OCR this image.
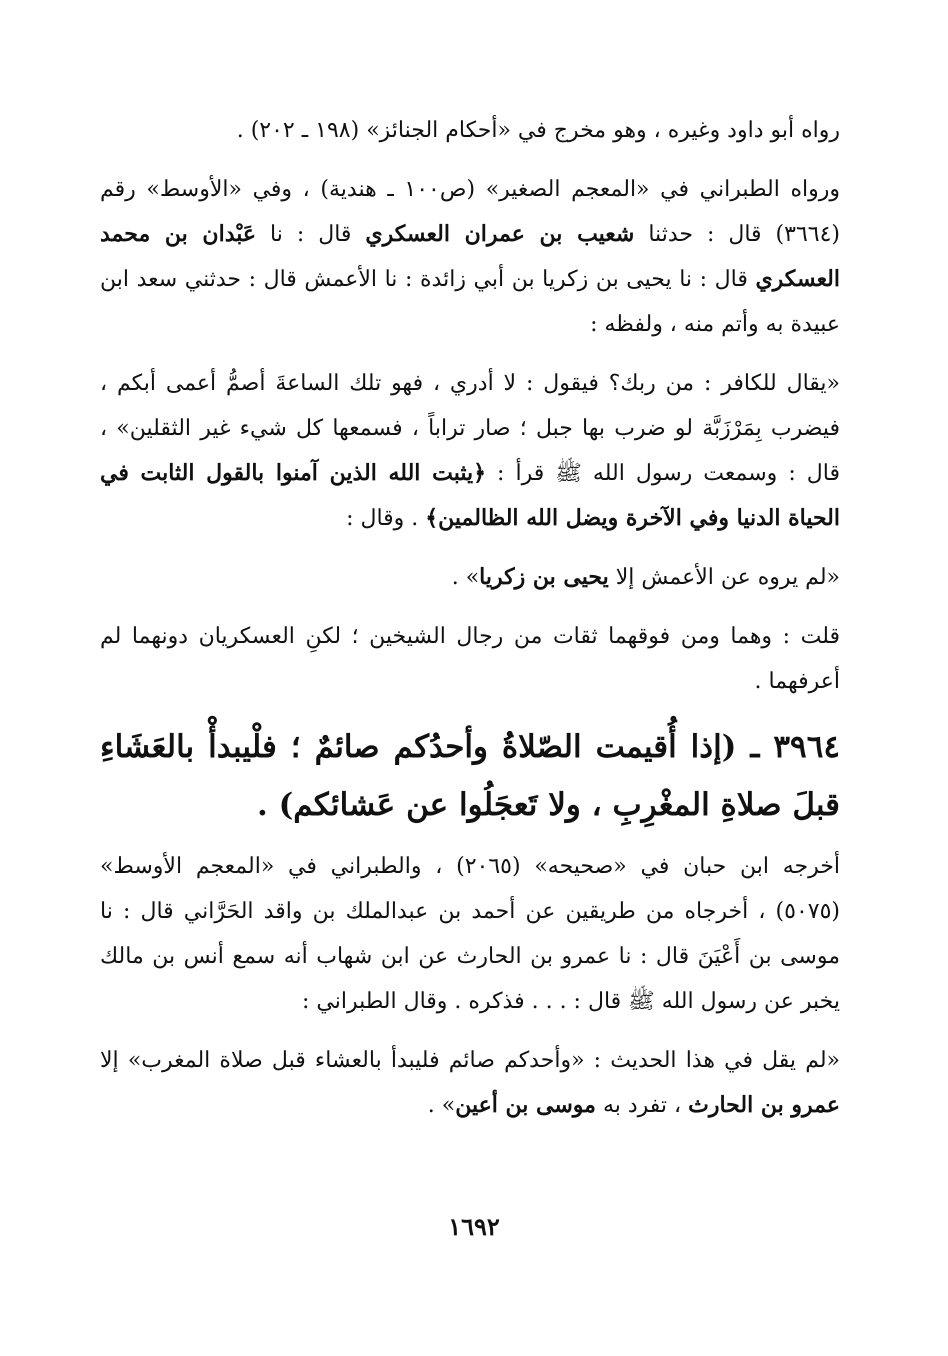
رواه أبو داود وغيره ، وهو مخرج في «أحكام الجنائز» (١٩٨ ـ ٢٠٢) .

ورواه الطبراني في «المعجم الصغير» (ص١٠٠ ـ هندية) ، وفي «الأوسط» رقم (٣٦٦٤) قال : حدثنا شعيب بن عمران العسكري قال : نا عَبْدان بن محمد العسكري قال : نا يحيى بن زكريا بن أبي زائدة : نا الأعمش قال : حدثني سعد ابن عبيدة به وأتم منه ، ولفظه :

«يقال للكافر : من ربك؟ فيقول : لا أدري ، فهو تلك الساعةَ أصمُّ أعمى أبكم ، فيضرب بِمَرْزَبَّة لو ضرب بها جبل ؛ صار تراباً ، فسمعها كل شيء غير الثقلين» ، قال : وسمعت رسول الله ﷺ قرأ : ﴿يثبت الله الذين آمنوا بالقول الثابت في الحياة الدنيا وفي الآخرة ويضل الله الظالمين﴾ . وقال :

«لم يروه عن الأعمش إلا يحيى بن زكريا» .

قلت : وهما ومن فوقهما ثقات من رجال الشيخين ؛ لكنِ العسكريان دونهما لم أعرفهما .

٣٩٦٤ ـ (إذا أُقيمت الصّلاةُ وأحدُكم صائمٌ ؛ فلْيبدأْ بالعَشَاءِ قبلَ صلاةِ المغْرِبِ ، ولا تَعجَلُوا عن عَشائكم) .

أخرجه ابن حبان في «صحيحه» (٢٠٦٥) ، والطبراني في «المعجم الأوسط» (٥٠٧٥) ، أخرجاه من طريقين عن أحمد بن عبدالملك بن واقد الحَرَّاني قال : نا موسى بن أَعْيَنَ قال : نا عمرو بن الحارث عن ابن شهاب أنه سمع أنس بن مالك يخبر عن رسول الله ﷺ قال : . . . فذكره . وقال الطبراني :

«لم يقل في هذا الحديث : «وأحدكم صائم فليبدأ بالعشاء قبل صلاة المغرب» إلا عمرو بن الحارث ، تفرد به موسى بن أعين» .

١٦٩٢
